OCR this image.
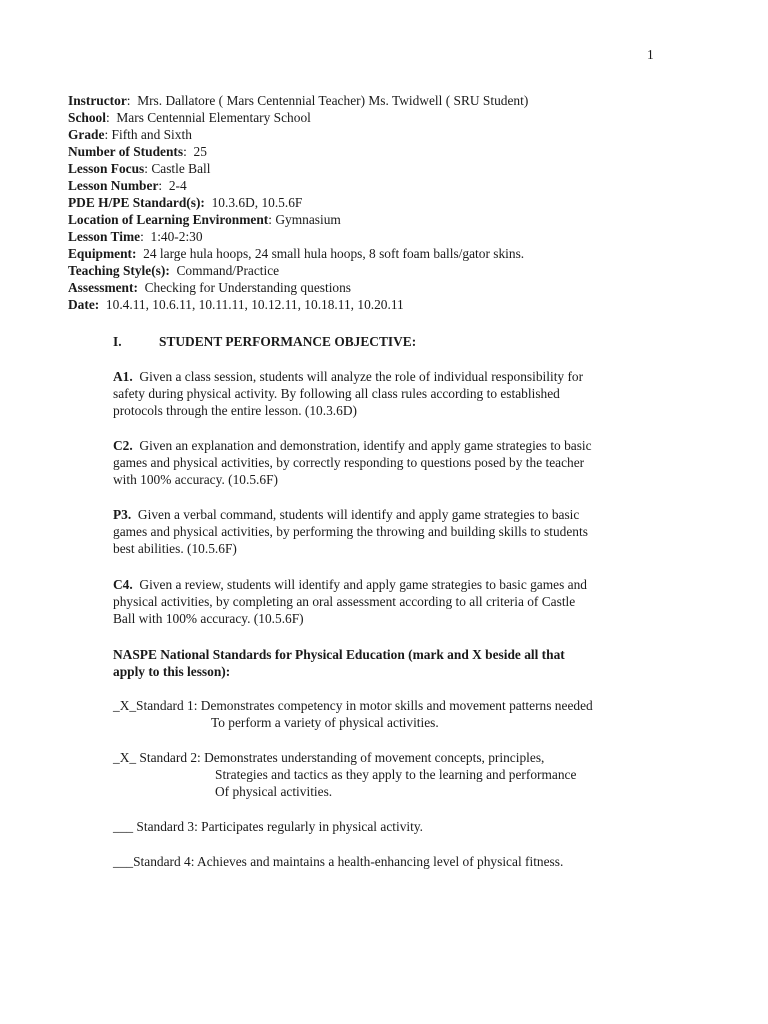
1
Instructor:  Mrs. Dallatore ( Mars Centennial Teacher) Ms. Twidwell ( SRU Student)
School:  Mars Centennial Elementary School
Grade: Fifth and Sixth
Number of Students:  25
Lesson Focus: Castle Ball
Lesson Number:  2-4
PDE H/PE Standard(s):  10.3.6D, 10.5.6F
Location of Learning Environment: Gymnasium
Lesson Time:  1:40-2:30
Equipment:  24 large hula hoops, 24 small hula hoops, 8 soft foam balls/gator skins.
Teaching Style(s):  Command/Practice
Assessment:  Checking for Understanding questions
Date:  10.4.11, 10.6.11, 10.11.11, 10.12.11, 10.18.11, 10.20.11
I.	STUDENT PERFORMANCE OBJECTIVE:
A1.  Given a class session, students will analyze the role of individual responsibility for
safety during physical activity. By following all class rules according to established
protocols through the entire lesson. (10.3.6D)
C2.  Given an explanation and demonstration, identify and apply game strategies to basic
games and physical activities, by correctly responding to questions posed by the teacher
with 100% accuracy. (10.5.6F)
P3.  Given a verbal command, students will identify and apply game strategies to basic
games and physical activities, by performing the throwing and building skills to students
best abilities. (10.5.6F)
C4.  Given a review, students will identify and apply game strategies to basic games and
physical activities, by completing an oral assessment according to all criteria of Castle
Ball with 100% accuracy. (10.5.6F)
NASPE National Standards for Physical Education (mark and X beside all that
apply to this lesson):
_X_Standard 1: Demonstrates competency in motor skills and movement patterns needed
To perform a variety of physical activities.
_X_ Standard 2: Demonstrates understanding of movement concepts, principles,
Strategies and tactics as they apply to the learning and performance
Of physical activities.
___ Standard 3: Participates regularly in physical activity.
___Standard 4: Achieves and maintains a health-enhancing level of physical fitness.
